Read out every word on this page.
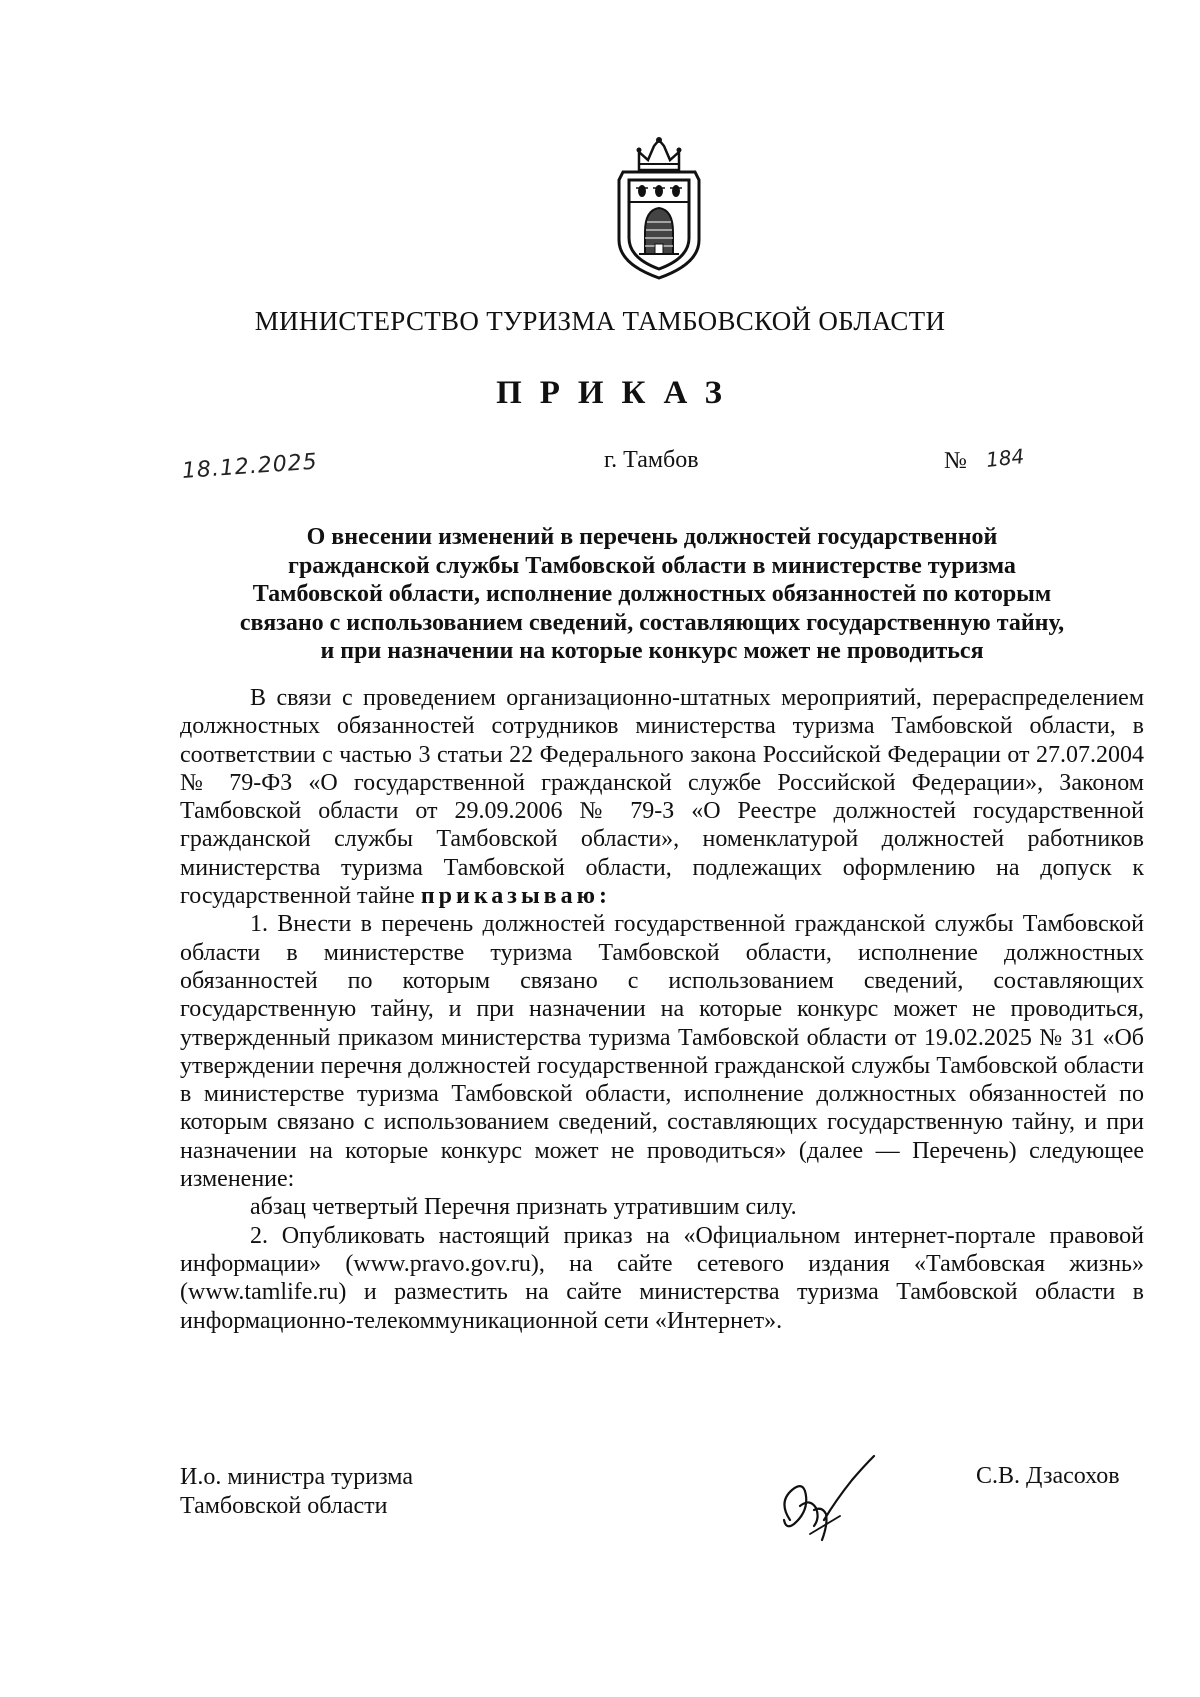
МИНИСТЕРСТВО ТУРИЗМА ТАМБОВСКОЙ ОБЛАСТИ
ПРИКАЗ
18.12.2025	г. Тамбов	№ 184
О внесении изменений в перечень должностей государственной
гражданской службы Тамбовской области в министерстве туризма
Тамбовской области, исполнение должностных обязанностей по которым
связано с использованием сведений, составляющих государственную тайну,
и при назначении на которые конкурс может не проводиться

В связи с проведением организационно-штатных мероприятий, перераспределением должностных обязанностей сотрудников министерства туризма Тамбовской области, в соответствии с частью 3 статьи 22 Федерального закона Российской Федерации от 27.07.2004 № 79-ФЗ «О государственной гражданской службе Российской Федерации», Законом Тамбовской области от 29.09.2006 № 79-З «О Реестре должностей государственной гражданской службы Тамбовской области», номенклатурой должностей работников министерства туризма Тамбовской области, подлежащих оформлению на допуск к государственной тайне приказываю:

1. Внести в перечень должностей государственной гражданской службы Тамбовской области в министерстве туризма Тамбовской области, исполнение должностных обязанностей по которым связано с использованием сведений, составляющих государственную тайну, и при назначении на которые конкурс может не проводиться, утвержденный приказом министерства туризма Тамбовской области от 19.02.2025 № 31 «Об утверждении перечня должностей государственной гражданской службы Тамбовской области в министерстве туризма Тамбовской области, исполнение должностных обязанностей по которым связано с использованием сведений, составляющих государственную тайну, и при назначении на которые конкурс может не проводиться» (далее — Перечень) следующее изменение:

абзац четвертый Перечня признать утратившим силу.

2. Опубликовать настоящий приказ на «Официальном интернет-портале правовой информации» (www.pravo.gov.ru), на сайте сетевого издания «Тамбовская жизнь» (www.tamlife.ru) и разместить на сайте министерства туризма Тамбовской области в информационно-телекоммуникационной сети «Интернет».

И.о. министра туризма
Тамбовской области
С.В. Дзасохов
